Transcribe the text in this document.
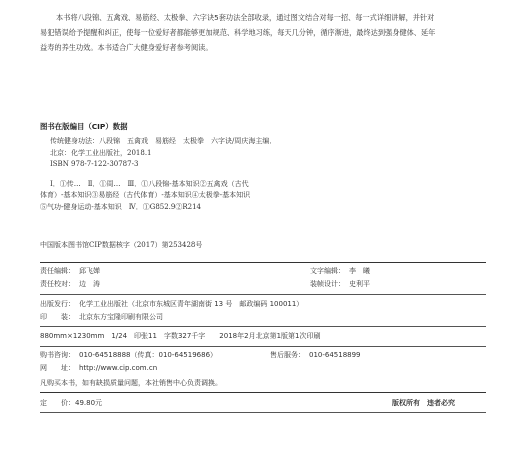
本书将八段锦、五禽戏、易筋经、太极拳、六字诀5套功法全部收录，通过图文结合对每一招、每一式详细讲解，并针对

易犯错误给予提醒和纠正，使每一位爱好者都能够更加规范、科学地习练，每天几分钟，循序渐进，最终达到强身健体、延年
益寿的养生功效。本书适合广大健身爱好者参考阅读。
图书在版编目（CIP）数据
传统健身功法：八段锦　五禽戏　易筋经　太极拳　六字诀/周庆海主编．
北京：化学工业出版社，2018.1
ISBN 978-7-122-30787-3
Ⅰ．①传…　Ⅱ．①周…　Ⅲ．①八段锦-基本知识②五禽戏（古代
体育）-基本知识③易筋经（古代体育）-基本知识④太极拳-基本知识
⑤气功-健身运动-基本知识　Ⅳ．①G852.9②R214
中国版本图书馆CIP数据核字（2017）第253428号
责任编辑： 邱飞婵	文字编辑： 李　曦
责任校对： 边　涛	装帧设计： 史利平
出版发行： 化学工业出版社（北京市东城区青年湖南街 13 号　邮政编码 100011）
印　　装： 北京东方宝隆印刷有限公司
880mm×1230mm　1/24　印张11　字数327千字　　2018年2月北京第1版第1次印刷
购书咨询： 010-64518888（传真：010-64519686）	售后服务： 010-64518899
网　　址： http://www.cip.com.cn
凡购买本书，如有缺损质量问题，本社销售中心负责调换。
定　　价：49.80元	版权所有　违者必究
